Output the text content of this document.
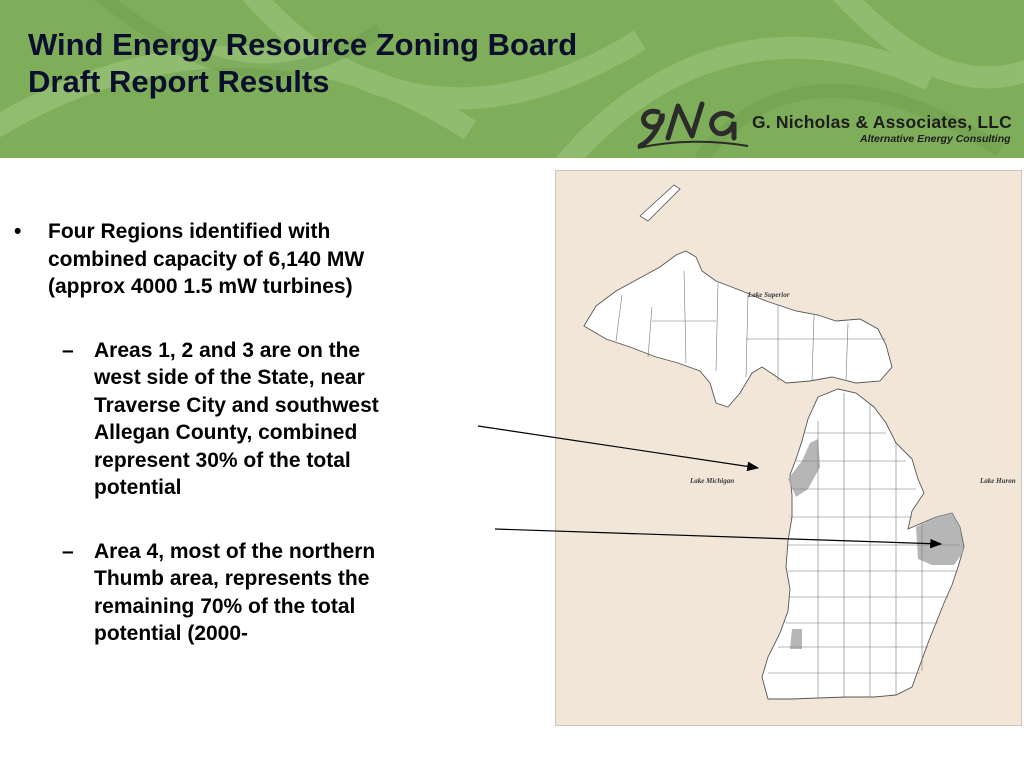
Wind Energy Resource Zoning Board
Draft Report Results
G. Nicholas & Associates, LLC
Alternative Energy Consulting

• Four Regions identified with combined capacity of 6,140 MW (approx 4000 1.5 mW turbines)

– Areas 1, 2 and 3 are on the west side of the State, near Traverse City and southwest Allegan County, combined represent 30% of the total potential

– Area 4, most of the northern Thumb area, represents the remaining 70% of the total potential (2000-

Lake Superior
Lake Michigan	Lake Huron
